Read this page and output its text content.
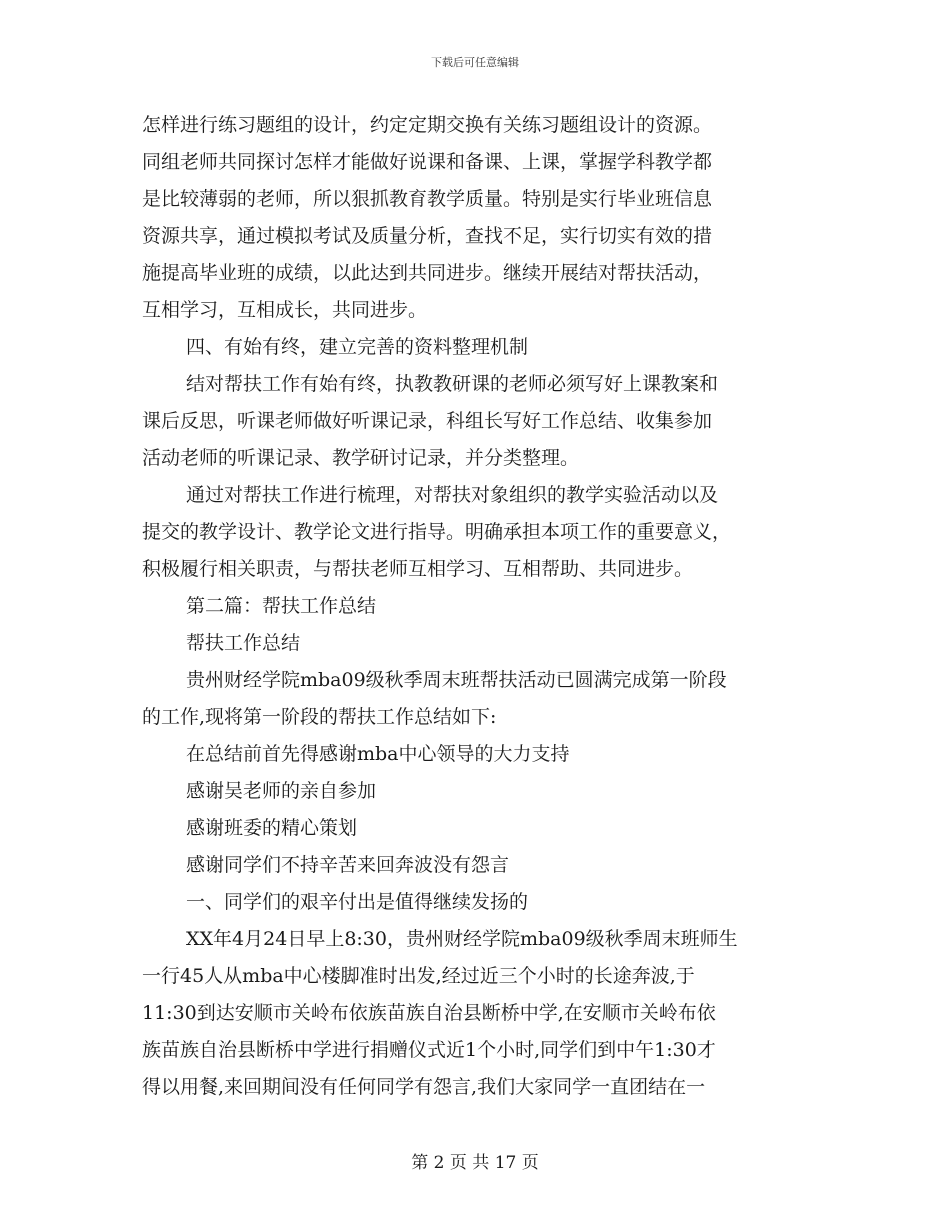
下载后可任意编辑
怎样进行练习题组的设计，约定定期交换有关练习题组设计的资源。
同组老师共同探讨怎样才能做好说课和备课、上课，掌握学科教学都
是比较薄弱的老师，所以狠抓教育教学质量。特别是实行毕业班信息
资源共享，通过模拟考试及质量分析，查找不足，实行切实有效的措
施提高毕业班的成绩，以此达到共同进步。继续开展结对帮扶活动，
互相学习，互相成长，共同进步。
四、有始有终，建立完善的资料整理机制
结对帮扶工作有始有终，执教教研课的老师必须写好上课教案和
课后反思，听课老师做好听课记录，科组长写好工作总结、收集参加
活动老师的听课记录、教学研讨记录，并分类整理。
通过对帮扶工作进行梳理，对帮扶对象组织的教学实验活动以及
提交的教学设计、教学论文进行指导。明确承担本项工作的重要意义，
积极履行相关职责，与帮扶老师互相学习、互相帮助、共同进步。
第二篇：帮扶工作总结
帮扶工作总结
贵州财经学院mba09级秋季周末班帮扶活动已圆满完成第一阶段
的工作,现将第一阶段的帮扶工作总结如下:
在总结前首先得感谢mba中心领导的大力支持
感谢吴老师的亲自参加
感谢班委的精心策划
感谢同学们不持辛苦来回奔波没有怨言
一、同学们的艰辛付出是值得继续发扬的
XX年4月24日早上8:30，贵州财经学院mba09级秋季周末班师生
一行45人从mba中心楼脚准时出发,经过近三个小时的长途奔波,于
11:30到达安顺市关岭布依族苗族自治县断桥中学,在安顺市关岭布依
族苗族自治县断桥中学进行捐赠仪式近1个小时,同学们到中午1:30才
得以用餐,来回期间没有任何同学有怨言,我们大家同学一直团结在一
第 2 页 共 17 页
